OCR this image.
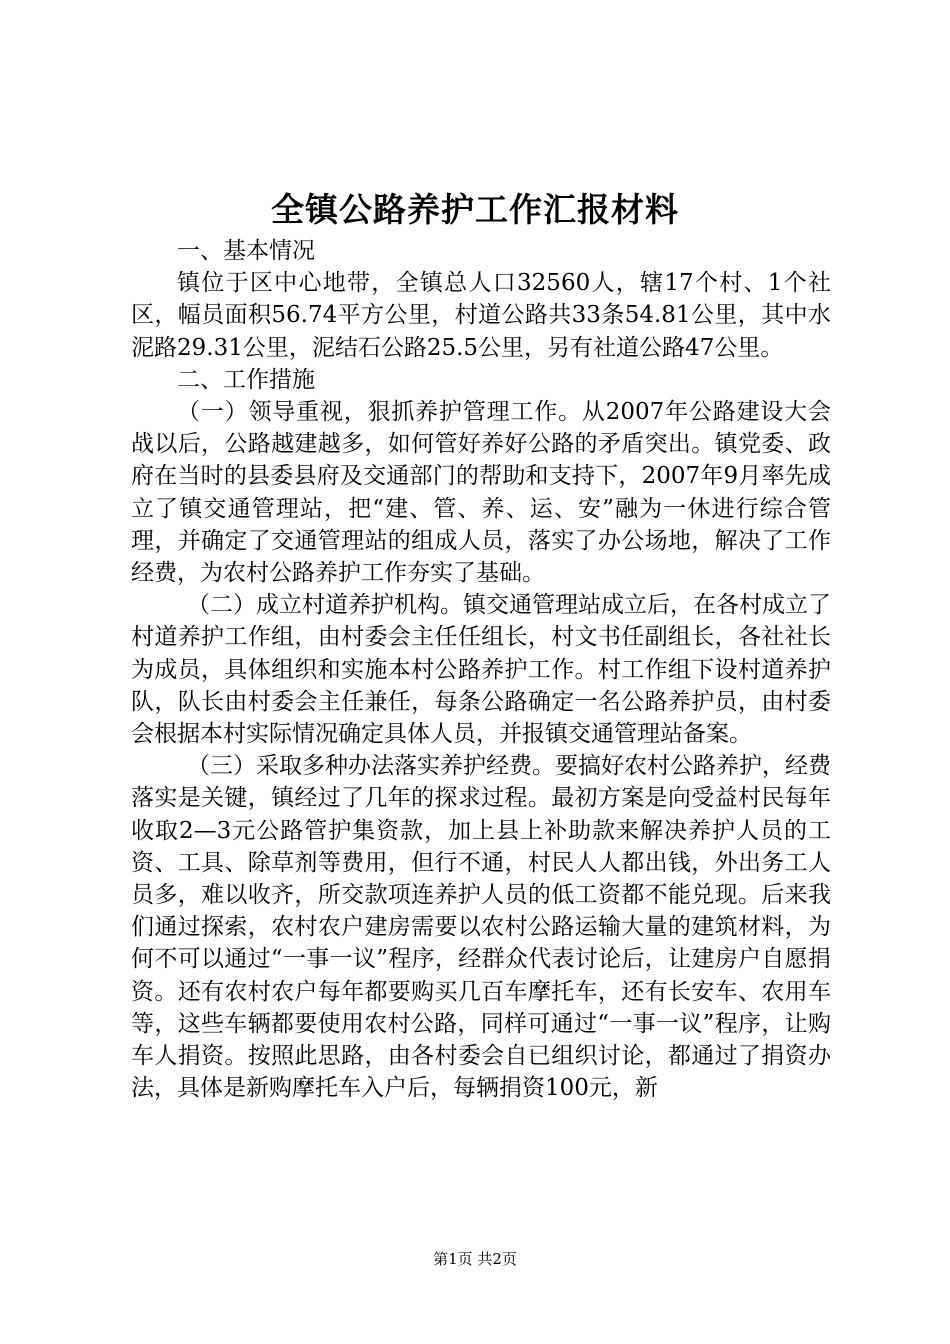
全镇公路养护工作汇报材料

一、基本情况

镇位于区中心地带，全镇总人口32560人，辖17个村、1个社区，幅员面积56.74平方公里，村道公路共33条54.81公里，其中水泥路29.31公里，泥结石公路25.5公里，另有社道公路47公里。

二、工作措施

（一）领导重视，狠抓养护管理工作。从2007年公路建设大会战以后，公路越建越多，如何管好养好公路的矛盾突出。镇党委、政府在当时的县委县府及交通部门的帮助和支持下，2007年9月率先成立了镇交通管理站，把“建、管、养、运、安”融为一休进行综合管理，并确定了交通管理站的组成人员，落实了办公场地，解决了工作经费，为农村公路养护工作夯实了基础。

（二）成立村道养护机构。镇交通管理站成立后，在各村成立了村道养护工作组，由村委会主任任组长，村文书任副组长，各社社长为成员，具体组织和实施本村公路养护工作。村工作组下设村道养护队，队长由村委会主任兼任，每条公路确定一名公路养护员，由村委会根据本村实际情况确定具体人员，并报镇交通管理站备案。

（三）采取多种办法落实养护经费。要搞好农村公路养护，经费落实是关键，镇经过了几年的探求过程。最初方案是向受益村民每年收取2—3元公路管护集资款，加上县上补助款来解决养护人员的工资、工具、除草剂等费用，但行不通，村民人人都出钱，外出务工人员多，难以收齐，所交款项连养护人员的低工资都不能兑现。后来我们通过探索，农村农户建房需要以农村公路运输大量的建筑材料，为何不可以通过“一事一议”程序，经群众代表讨论后，让建房户自愿捐资。还有农村农户每年都要购买几百车摩托车，还有长安车、农用车等，这些车辆都要使用农村公路，同样可通过“一事一议”程序，让购车人捐资。按照此思路，由各村委会自已组织讨论，都通过了捐资办法，具体是新购摩托车入户后，每辆捐资100元，新

第1页 共2页
